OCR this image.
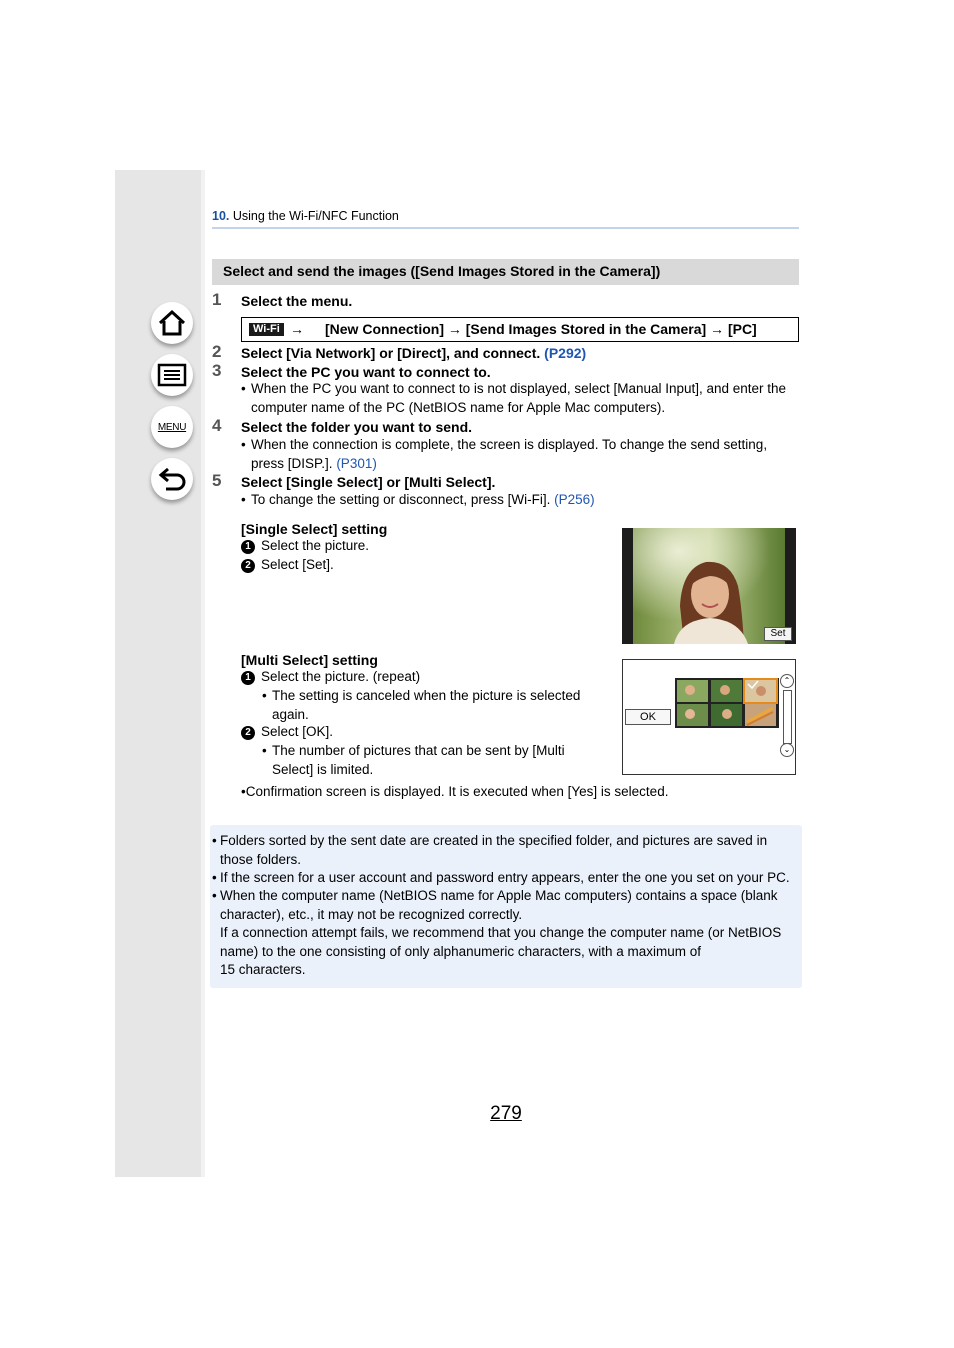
MENU
10. Using the Wi-Fi/NFC Function
Select and send the images ([Send Images Stored in the Camera])
1 Select the menu.
Wi-Fi → [New Connection] → [Send Images Stored in the Camera] → [PC]
2 Select [Via Network] or [Direct], and connect. (P292)
3 Select the PC you want to connect to.
• When the PC you want to connect to is not displayed, select [Manual Input], and enter the
computer name of the PC (NetBIOS name for Apple Mac computers).
4 Select the folder you want to send.
• When the connection is complete, the screen is displayed. To change the send setting,
press [DISP.]. (P301)
5 Select [Single Select] or [Multi Select].
• To change the setting or disconnect, press [Wi-Fi]. (P256)
[Single Select] setting
1 Select the picture.
2 Select [Set].
Set
[Multi Select] setting
1 Select the picture. (repeat)
• The setting is canceled when the picture is selected
again.
2 Select [OK].
• The number of pictures that can be sent by [Multi
Select] is limited.
OK
⌃
⌄
•Confirmation screen is displayed. It is executed when [Yes] is selected.
• Folders sorted by the sent date are created in the specified folder, and pictures are saved in
those folders.
• If the screen for a user account and password entry appears, enter the one you set on your PC.
• When the computer name (NetBIOS name for Apple Mac computers) contains a space (blank
character), etc., it may not be recognized correctly.
If a connection attempt fails, we recommend that you change the computer name (or NetBIOS
name) to the one consisting of only alphanumeric characters, with a maximum of
15 characters.
279
